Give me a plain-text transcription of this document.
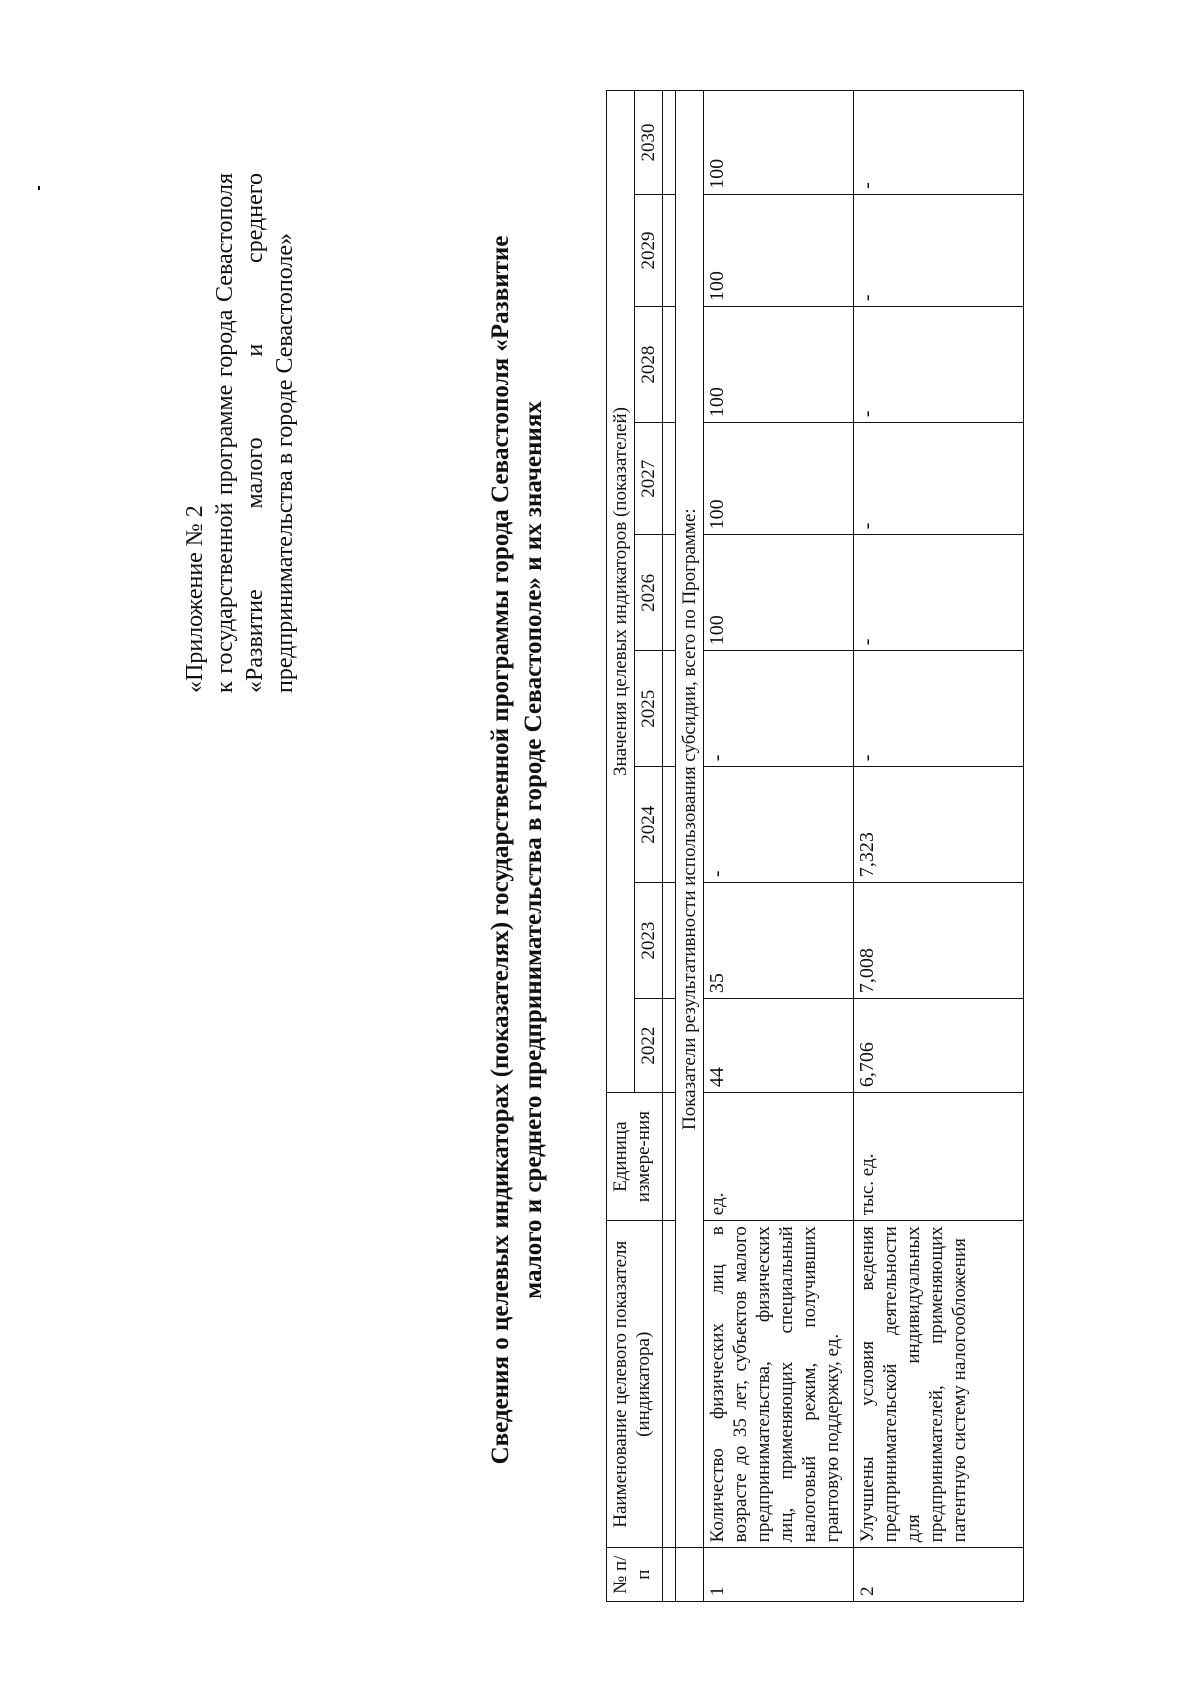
«Приложение № 2 к государственной программе города Севастополя «Развитие малого и среднего предпринимательства в городе Севастополе»	Сведения о целевых индикаторах (показателях) государственной программы города Севастополя «Развитие малого и среднего предпринимательства в городе Севастополе» и их значениях
№ п/п	Наименование целевого показателя (индикатора)	Единица измере-ния	Значения целевых индикаторов (показателей)								
			2022	2023	2024	2025	2026	2027	2028	2029	2030

	Показатели результативности использования субсидии, всего по Программе:										
1	Количество физических лиц в возрасте до 35 лет, субъектов малого предпринимательства, физических лиц, применяющих специальный налоговый режим, получивших грантовую поддержку, ед.	ед.	44	35	-	-	100	100	100	100	100
2	Улучшены условия ведения предпринимательской деятельности для индивидуальных предпринимателей, применяющих патентную систему налогообложения	тыс. ед.	6,706	7,008	7,323	-	-	-	-	-	-
